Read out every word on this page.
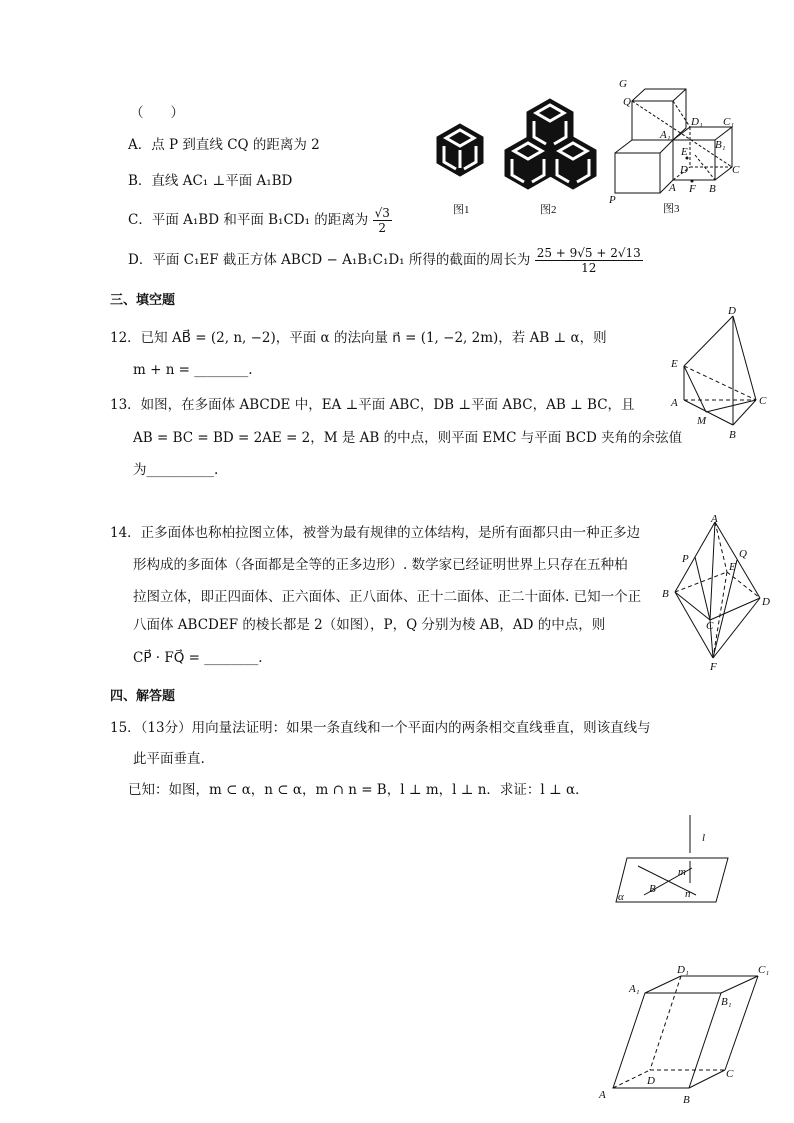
（　　）
A．点 P 到直线 CQ 的距离为 2
B．直线 AC₁ ⊥平面 A₁BD
C．平面 A₁BD 和平面 B₁CD₁ 的距离为 $\frac{√3}{2}$
D．平面 C₁EF 截正方体 ABCD − A₁B₁C₁D₁ 所得的截面的周长为 $\frac{25 + 9√5 + 2√13}{12}$
图1	图2
G
Q
D₁ C₁
A₁
B₁
E
D	C
A F B
P
图3
三、填空题
12．已知 AB⃗ = (2, n, −2)，平面 α 的法向量 n⃗ = (1, −2, 2m)，若 AB ⊥ α，则
m + n = ________.
13．如图，在多面体 ABCDE 中，EA ⊥平面 ABC，DB ⊥平面 ABC，AB ⊥ BC，且
AB = BC = BD = 2AE = 2，M 是 AB 的中点，则平面 EMC 与平面 BCD 夹角的余弦值
为__________.
D
E
A	C
M
B
14．正多面体也称柏拉图立体，被誉为最有规律的立体结构，是所有面都只由一种正多边
形构成的多面体（各面都是全等的正多边形）. 数学家已经证明世界上只存在五种柏
拉图立体，即正四面体、正六面体、正八面体、正十二面体、正二十面体. 已知一个正
八面体 ABCDEF 的棱长都是 2（如图），P，Q 分别为棱 AB，AD 的中点，则
CP⃗ · FQ⃗ = ________.
A
P	Q
E
B
D
C
F
四、解答题
15．（13分）用向量法证明：如果一条直线和一个平面内的两条相交直线垂直，则该直线与
此平面垂直.
已知：如图，m ⊂ α，n ⊂ α，m ∩ n = B，l ⊥ m，l ⊥ n．求证：l ⊥ α．
l
m
B	n
α
D₁	C₁
A₁
B₁
D
C
A	B
